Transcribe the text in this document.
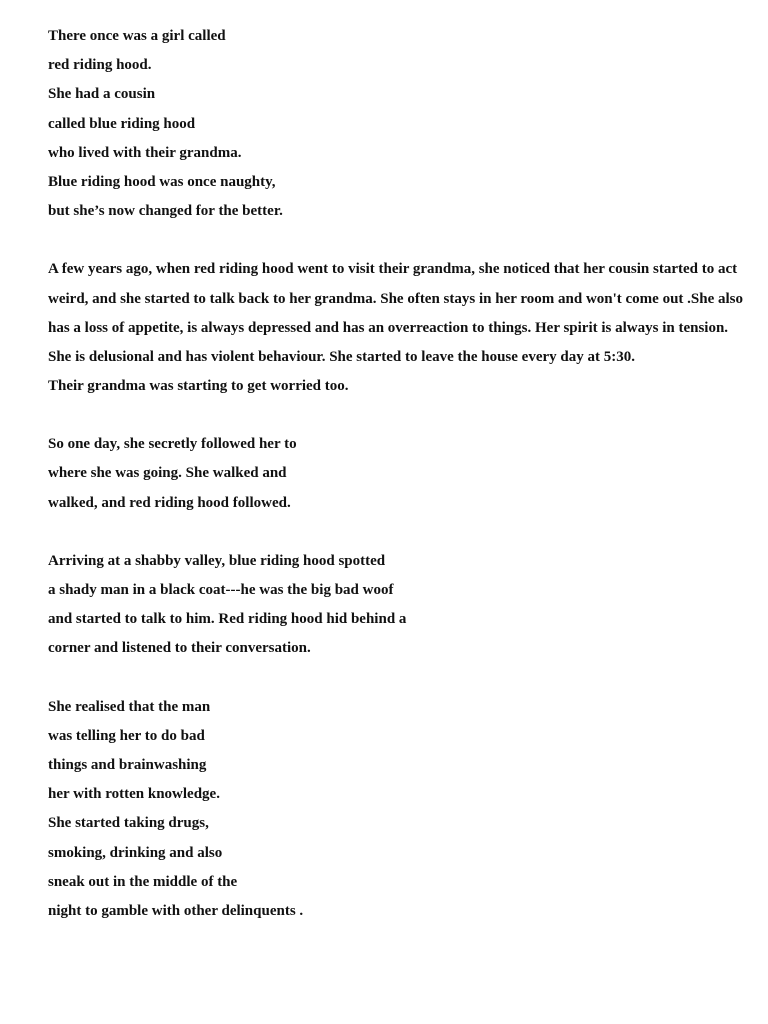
There once was a girl called
red riding hood.
She had a cousin
called blue riding hood
who lived with their grandma.
Blue riding hood was once naughty,
but she’s now changed for the better.
A few years ago, when red riding hood went to visit their grandma, she noticed that her cousin started to act
weird, and she started to talk back to her grandma. She often stays in her room and won't come out .She also
has a loss of appetite, is always depressed and has an overreaction to things. Her spirit is always in tension.
She is delusional and has violent behaviour. She started to leave the house every day at 5:30.
Their grandma was starting to get worried too.
So one day, she secretly followed her to
where she was going. She walked and
walked, and red riding hood followed.
Arriving at a shabby valley, blue riding hood spotted
a shady man in a black coat---he was the big bad woof
and started to talk to him. Red riding hood hid behind a
corner and listened to their conversation.
She realised that the man
was telling her to do bad
things and brainwashing
her with rotten knowledge.
She started taking drugs,
smoking, drinking and also
sneak out in the middle of the
night to gamble with other delinquents .
